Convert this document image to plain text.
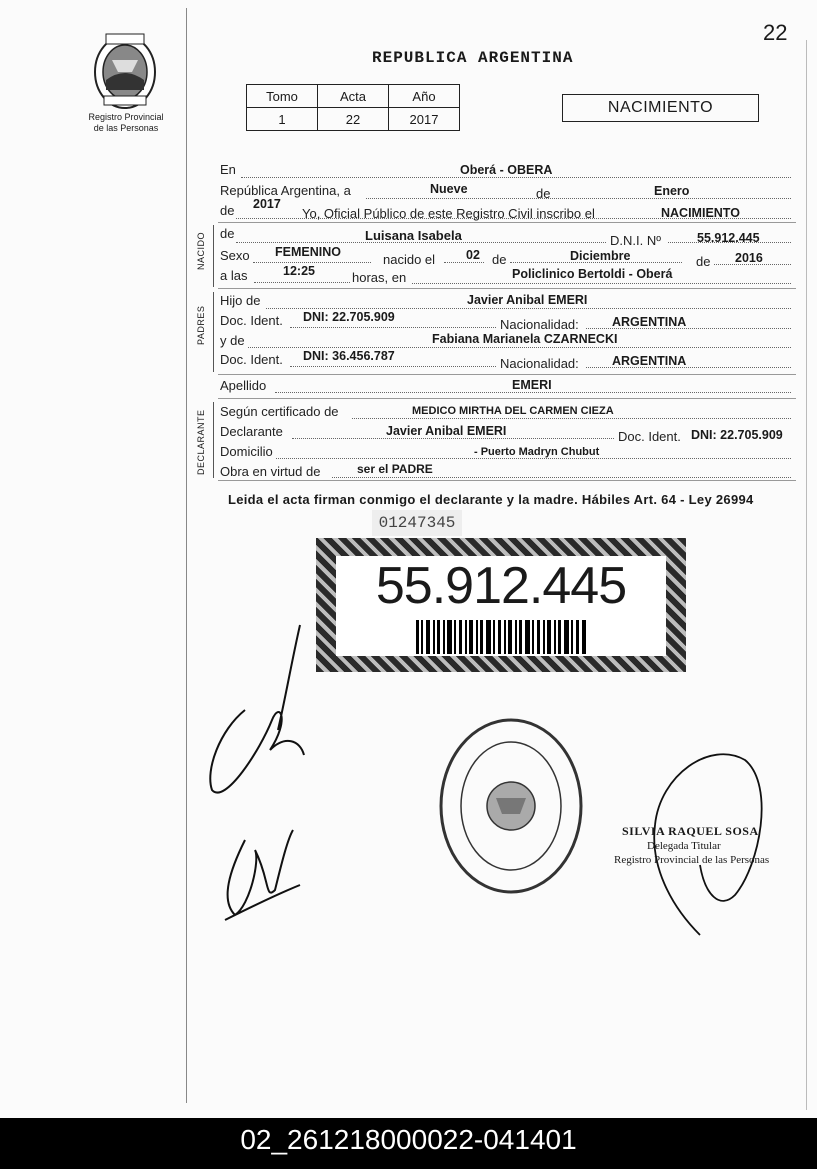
22
Registro Provincial
de las Personas
REPUBLICA ARGENTINA
Tomo	Acta	Año
1	22	2017
NACIMIENTO
En	Oberá - OBERA
República Argentina, a	Nueve	de	Enero
de 2017
Yo, Oficial Público de este Registro Civil inscribo el	NACIMIENTO
NACIDO de	Luisana Isabela	D.N.I. Nº	55.912.445
Sexo FEMENINO	nacido el 02 de	Diciembre	de 2016
a las	12:25	horas, en	Policlinico Bertoldi - Oberá
PADRES
Hijo de	Javier Anibal EMERI
Doc. Ident. DNI: 22.705.909	Nacionalidad:	ARGENTINA
y de	Fabiana Marianela CZARNECKI
Doc. Ident. DNI: 36.456.787	Nacionalidad:	ARGENTINA
Apellido	EMERI
DECLARANTE Según certificado de	MEDICO MIRTHA DEL CARMEN CIEZA
Declarante	Javier Anibal EMERI	Doc. Ident. DNI: 22.705.909
Domicilio	- Puerto Madryn Chubut
Obra en virtud de	ser el PADRE
Leida el acta firman conmigo el declarante y la madre. Hábiles Art. 64 - Ley 26994
01247345
55.912.445
SILVIA RAQUEL SOSA
Delegada Titular
Registro Provincial de las Personas
02_261218000022-041401
